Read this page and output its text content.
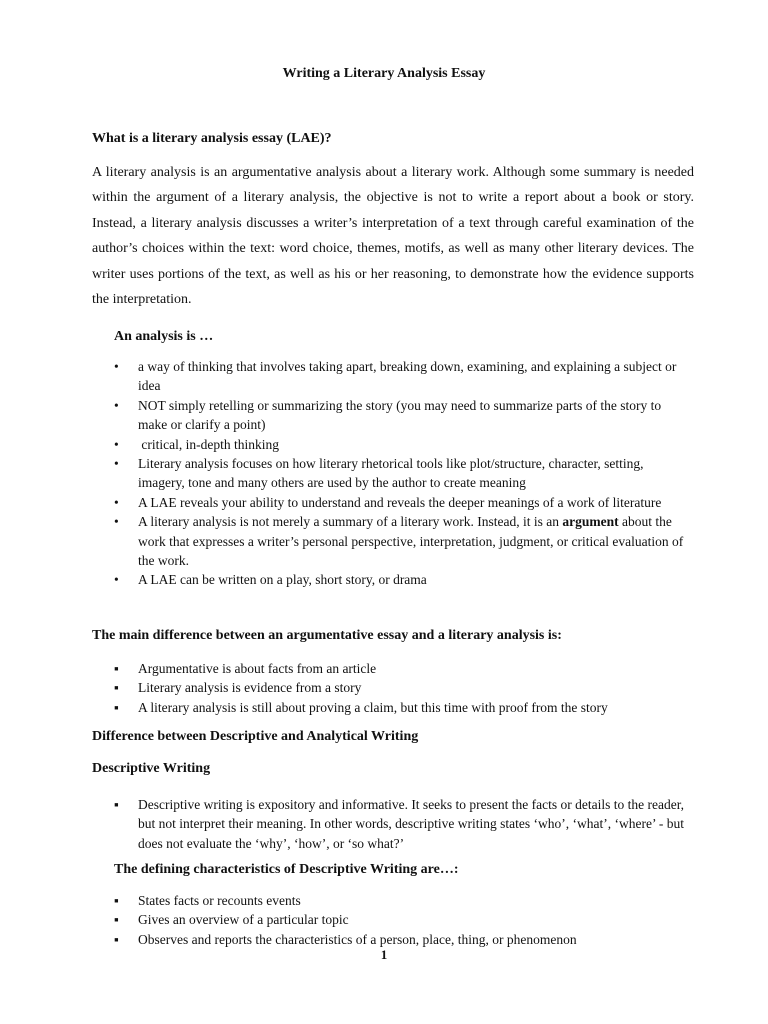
Writing a Literary Analysis Essay
What is a literary analysis essay (LAE)?

A literary analysis is an argumentative analysis about a literary work. Although some summary is needed within the argument of a literary analysis, the objective is not to write a report about a book or story. Instead, a literary analysis discusses a writer’s interpretation of a text through careful examination of the author’s choices within the text: word choice, themes, motifs, as well as many other literary devices. The writer uses portions of the text, as well as his or her reasoning, to demonstrate how the evidence supports the interpretation.

An analysis is …
•	a way of thinking that involves taking apart, breaking down, examining, and explaining a subject or idea
•	NOT simply retelling or summarizing the story (you may need to summarize parts of the story to make or clarify a point)
•	critical, in-depth thinking
•	Literary analysis focuses on how literary rhetorical tools like plot/structure, character, setting, imagery, tone and many others are used by the author to create meaning
•	A LAE reveals your ability to understand and reveals the deeper meanings of a work of literature
•	A literary analysis is not merely a summary of a literary work. Instead, it is an argument about the work that expresses a writer’s personal perspective, interpretation, judgment, or critical evaluation of the work.
•	A LAE can be written on a play, short story, or drama
The main difference between an argumentative essay and a literary analysis is:
▪	Argumentative is about facts from an article
▪	Literary analysis is evidence from a story
▪	A literary analysis is still about proving a claim, but this time with proof from the story
Difference between Descriptive and Analytical Writing
Descriptive Writing
▪	Descriptive writing is expository and informative. It seeks to present the facts or details to the reader, but not interpret their meaning. In other words, descriptive writing states ‘who’, ‘what’, ‘where’ - but does not evaluate the ‘why’, ‘how’, or ‘so what?’
The defining characteristics of Descriptive Writing are…:
▪	States facts or recounts events
▪	Gives an overview of a particular topic
▪	Observes and reports the characteristics of a person, place, thing, or phenomenon
1
